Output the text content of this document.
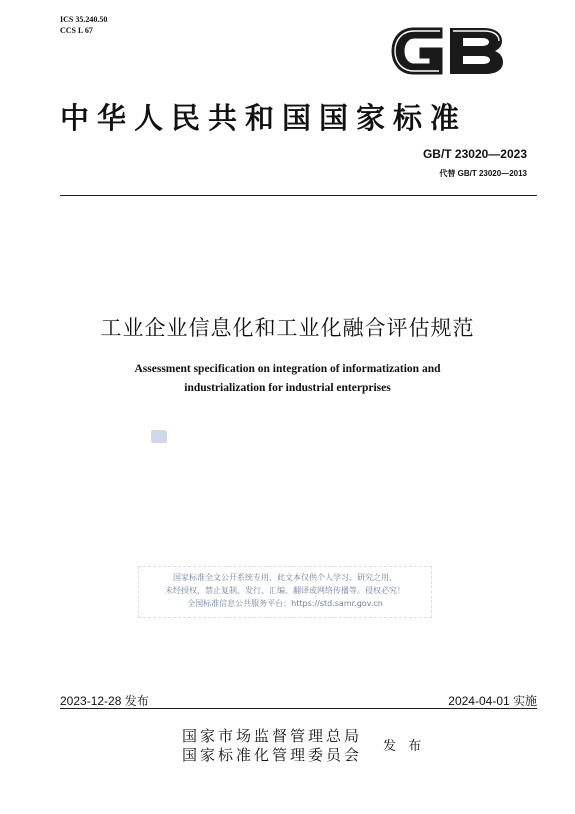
ICS 35.240.50
CCS L 67
GB
中华人民共和国国家标准
GB/T 23020—2023
代替 GB/T 23020—2013
工业企业信息化和工业化融合评估规范
Assessment specification on integration of informatization and
industrialization for industrial enterprises
国家标准全文公开系统专用，此文本仅供个人学习、研究之用，
未经授权，禁止复制、发行、汇编、翻译或网络传播等。侵权必究！
全国标准信息公共服务平台：https://std.samr.gov.cn
2023-12-28 发布	2024-04-01 实施
国家市场监督管理总局
国家标准化管理委员会 发 布
